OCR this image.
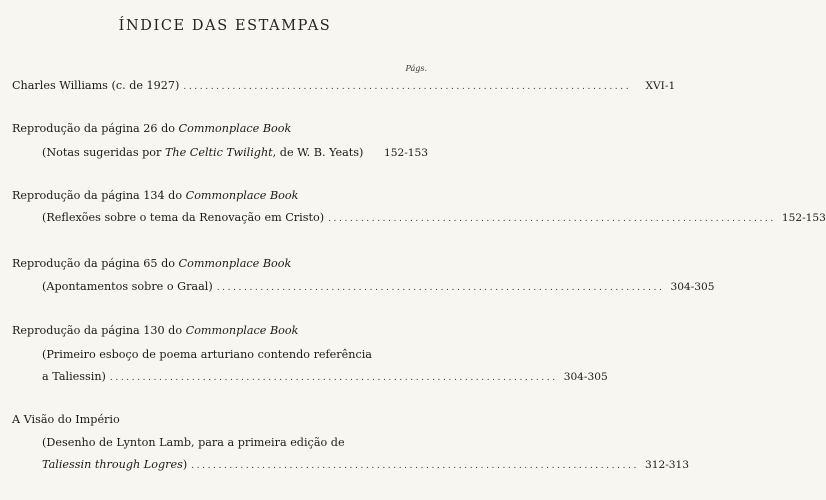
ÍNDICE DAS ESTAMPAS
Págs.
Charles Williams (c. de 1927) ..................................................................................	XVI-1
Reprodução da página 26 do Commonplace Book
(Notas sugeridas por The Celtic Twilight, de W. B. Yeats) 152-153
Reprodução da página 134 do Commonplace Book
(Reflexões sobre o tema da Renovação em Cristo) .................................................................................. 152-153
Reprodução da página 65 do Commonplace Book
(Apontamentos sobre o Graal) .................................................................................. 304-305
Reprodução da página 130 do Commonplace Book
(Primeiro esboço de poema arturiano contendo referência
a Taliessin) .................................................................................. 304-305
A Visão do Império
(Desenho de Lynton Lamb, para a primeira edição de
Taliessin through Logres) .................................................................................. 312-313
